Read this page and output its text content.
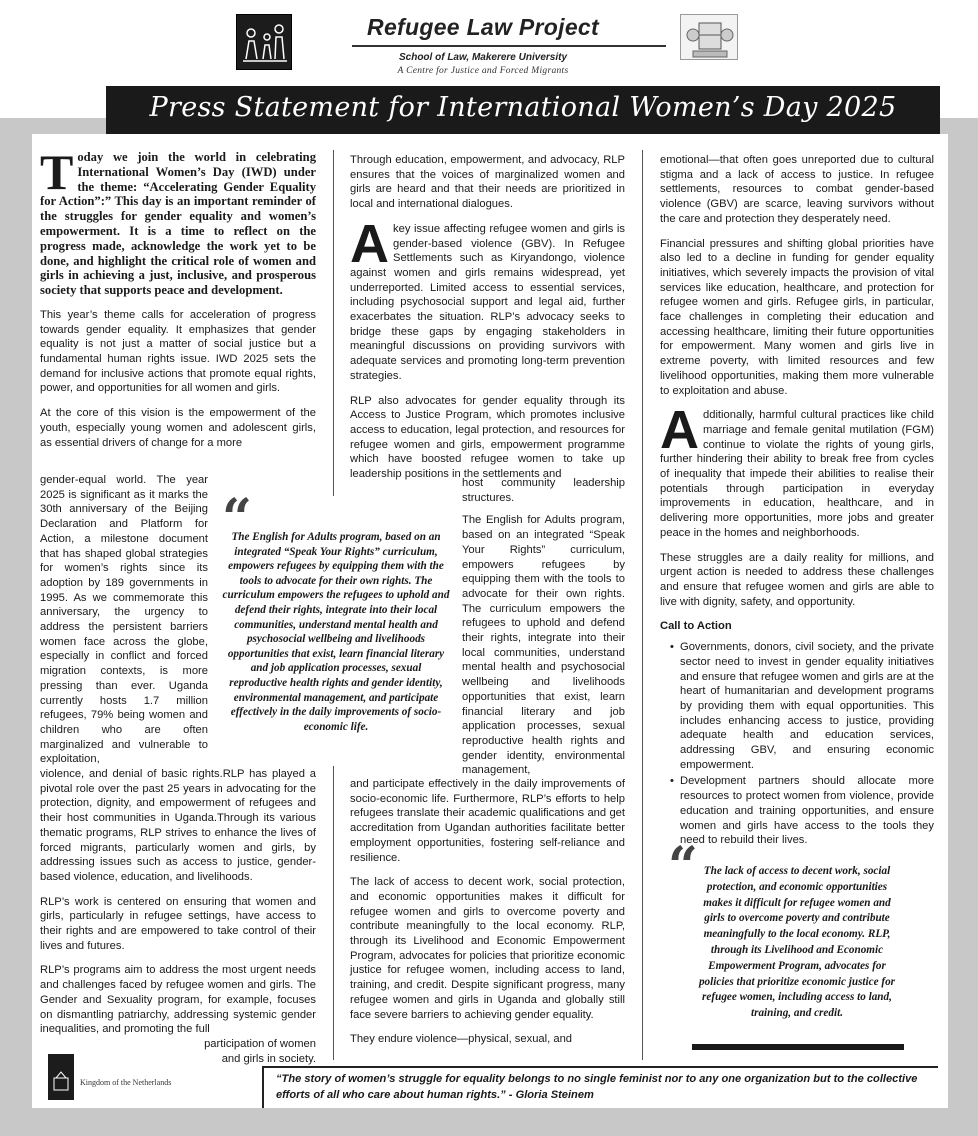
Refugee Law Project
School of Law, Makerere University
A Centre for Justice and Forced Migrants
Press Statement for International Women’s Day 2025

Today we join the world in celebrating International Women’s Day (IWD) under the theme: “Accelerating Gender Equality for Action”:” This day is an important reminder of the struggles for gender equality and women’s empowerment. It is a time to reflect on the progress made, acknowledge the work yet to be done, and highlight the critical role of women and girls in achieving a just, inclusive, and prosperous society that supports peace and development.

This year’s theme calls for acceleration of progress towards gender equality. It emphasizes that gender equality is not just a matter of social justice but a fundamental human rights issue. IWD 2025 sets the demand for inclusive actions that promote equal rights, power, and opportunities for all women and girls.

At the core of this vision is the empowerment of the youth, especially young women and adolescent girls, as essential drivers of change for a more

gender-equal world. The year 2025 is significant as it marks the 30th anniversary of the Beijing Declaration and Platform for Action, a milestone document that has shaped global strategies for women’s rights since its adoption by 189 governments in 1995. As we commemorate this anniversary, the urgency to address the persistent barriers women face across the globe, especially in conflict and forced migration contexts, is more pressing than ever. Uganda currently hosts 1.7 million refugees, 79% being women and children who are often marginalized and vulnerable to exploitation,

violence, and denial of basic rights.RLP has played a pivotal role over the past 25 years in advocating for the protection, dignity, and empowerment of refugees and their host communities in Uganda.Through its various thematic programs, RLP strives to enhance the lives of forced migrants, particularly women and girls, by addressing issues such as access to justice, gender-based violence, education, and livelihoods.

RLP’s work is centered on ensuring that women and girls, particularly in refugee settings, have access to their rights and are empowered to take control of their lives and futures.

RLP’s programs aim to address the most urgent needs and challenges faced by refugee women and girls. The Gender and Sexuality program, for example, focuses on dismantling patriarchy, addressing systemic gender inequalities, and promoting the full

participation of women and girls in society.

“
The English for Adults program, based on an integrated “Speak Your Rights” curriculum, empowers refugees by equipping them with the tools to advocate for their own rights. The curriculum empowers the refugees to uphold and defend their rights, integrate into their local communities, understand mental health and psychosocial wellbeing and livelihoods opportunities that exist, learn financial literary and job application processes, sexual reproductive health rights and gender identity, environmental management, and participate effectively in the daily improvements of socio-economic life.

Through education, empowerment, and advocacy, RLP ensures that the voices of marginalized women and girls are heard and that their needs are prioritized in local and international dialogues.

Akey issue affecting refugee women and girls is gender-based violence (GBV). In Refugee Settlements such as Kiryandongo, violence against women and girls remains widespread, yet underreported. Limited access to essential services, including psychosocial support and legal aid, further exacerbates the situation. RLP’s advocacy seeks to bridge these gaps by engaging stakeholders in meaningful discussions on providing survivors with adequate services and promoting long-term prevention strategies.

RLP also advocates for gender equality through its Access to Justice Program, which promotes inclusive access to education, legal protection, and resources for refugee women and girls, empowerment programme which have boosted refugee women to take up leadership positions in the settlements and

host community leadership structures.

The English for Adults program, based on an integrated “Speak Your Rights” curriculum, empowers refugees by equipping them with the tools to advocate for their own rights. The curriculum empowers the refugees to uphold and defend their rights, integrate into their local communities, understand mental health and psychosocial wellbeing and livelihoods opportunities that exist, learn financial literary and job application processes, sexual reproductive health rights and gender identity, environmental management,

and participate effectively in the daily improvements of socio-economic life. Furthermore, RLP’s efforts to help refugees translate their academic qualifications and get accreditation from Ugandan authorities facilitate better employment opportunities, fostering self-reliance and resilience.

The lack of access to decent work, social protection, and economic opportunities makes it difficult for refugee women and girls to overcome poverty and contribute meaningfully to the local economy. RLP, through its Livelihood and Economic Empowerment Program, advocates for policies that prioritize economic justice for refugee women, including access to land, training, and credit. Despite significant progress, many refugee women and girls in Uganda and globally still face severe barriers to achieving gender equality.

They endure violence—physical, sexual, and

emotional—that often goes unreported due to cultural stigma and a lack of access to justice. In refugee settlements, resources to combat gender-based violence (GBV) are scarce, leaving survivors without the care and protection they desperately need.

Financial pressures and shifting global priorities have also led to a decline in funding for gender equality initiatives, which severely impacts the provision of vital services like education, healthcare, and protection for refugee women and girls. Refugee girls, in particular, face challenges in completing their education and accessing healthcare, limiting their future opportunities for empowerment. Many women and girls live in extreme poverty, with limited resources and few livelihood opportunities, making them more vulnerable to exploitation and abuse.

Additionally, harmful cultural practices like child marriage and female genital mutilation (FGM) continue to violate the rights of young girls, further hindering their ability to break free from cycles of inequality that impede their abilities to realise their potentials through participation in everyday improvements in education, healthcare, and in delivering more opportunities, more jobs and greater peace in the homes and neighborhoods.

These struggles are a daily reality for millions, and urgent action is needed to address these challenges and ensure that refugee women and girls are able to live with dignity, safety, and opportunity.

Call to Action
• Governments, donors, civil society, and the private sector need to invest in gender equality initiatives and ensure that refugee women and girls are at the heart of humanitarian and development programs by providing them with equal opportunities. This includes enhancing access to justice, providing adequate health and education services, addressing GBV, and ensuring economic empowerment.
• Development partners should allocate more resources to protect women from violence, provide education and training opportunities, and ensure women and girls have access to the tools they need to rebuild their lives.
“ The lack of access to decent work, social protection, and economic opportunities makes it difficult for refugee women and girls to overcome poverty and contribute meaningfully to the local economy. RLP, through its Livelihood and Economic Empowerment Program, advocates for policies that prioritize economic justice for refugee women, including access to land, training, and credit.
Kingdom of the Netherlands	“The story of women’s struggle for equality belongs to no single feminist nor to any one organization but to the collective efforts of all who care about human rights.” - Gloria Steinem
